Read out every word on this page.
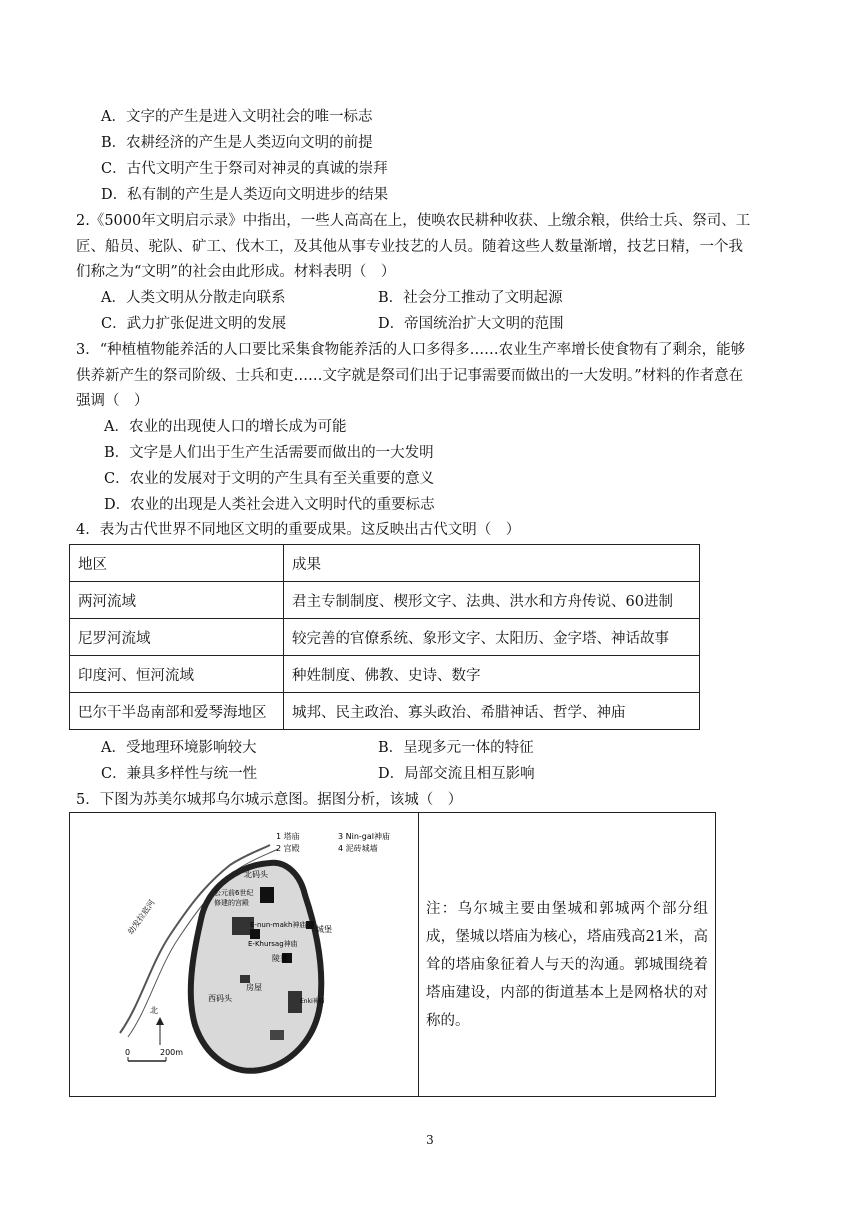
A．文字的产生是进入文明社会的唯一标志
B．农耕经济的产生是人类迈向文明的前提
C．古代文明产生于祭司对神灵的真诚的崇拜
D．私有制的产生是人类迈向文明进步的结果
2.《5000年文明启示录》中指出，一些人高高在上，使唤农民耕种收获、上缴余粮，供给士兵、祭司、工
匠、船员、驼队、矿工、伐木工，及其他从事专业技艺的人员。随着这些人数量渐增，技艺日精，一个我
们称之为“文明”的社会由此形成。材料表明（　）
A．人类文明从分散走向联系	B．社会分工推动了文明起源
C．武力扩张促进文明的发展	D．帝国统治扩大文明的范围
3．“种植植物能养活的人口要比采集食物能养活的人口多得多……农业生产率增长使食物有了剩余，能够
供养新产生的祭司阶级、士兵和吏……文字就是祭司们出于记事需要而做出的一大发明。”材料的作者意在
强调（　）
A．农业的出现使人口的增长成为可能
B．文字是人们出于生产生活需要而做出的一大发明
C．农业的发展对于文明的产生具有至关重要的意义
D．农业的出现是人类社会进入文明时代的重要标志
4．表为古代世界不同地区文明的重要成果。这反映出古代文明（　）
地区	成果
两河流域	君主专制制度、楔形文字、法典、洪水和方舟传说、60进制
尼罗河流域	较完善的官僚系统、象形文字、太阳历、金字塔、神话故事
印度河、恒河流域	种姓制度、佛教、史诗、数字
巴尔干半岛南部和爱琴海地区	城邦、民主政治、寡头政治、希腊神话、哲学、神庙
A．受地理环境影响较大	B．呈现多元一体的特征
C．兼具多样性与统一性	D．局部交流且相互影响
5．下图为苏美尔城邦乌尔城示意图。据图分析，该城（　）
1 塔庙
2 宫殿
3 Nin-gal神庙
4 泥砖城墙
幼发拉底河
北码头
公元前6世纪
修建的宫殿
E-nun-makh神庙
E-Khursag神庙
城堡
陵墓
房屋
西码头	Enki神庙
北
0	200m
注：乌尔城主要由堡城和郭城两个部分组成，堡城以塔庙为核心，塔庙残高21米，高耸的塔庙象征着人与天的沟通。郭城围绕着塔庙建设，内部的街道基本上是网格状的对称的。
3
